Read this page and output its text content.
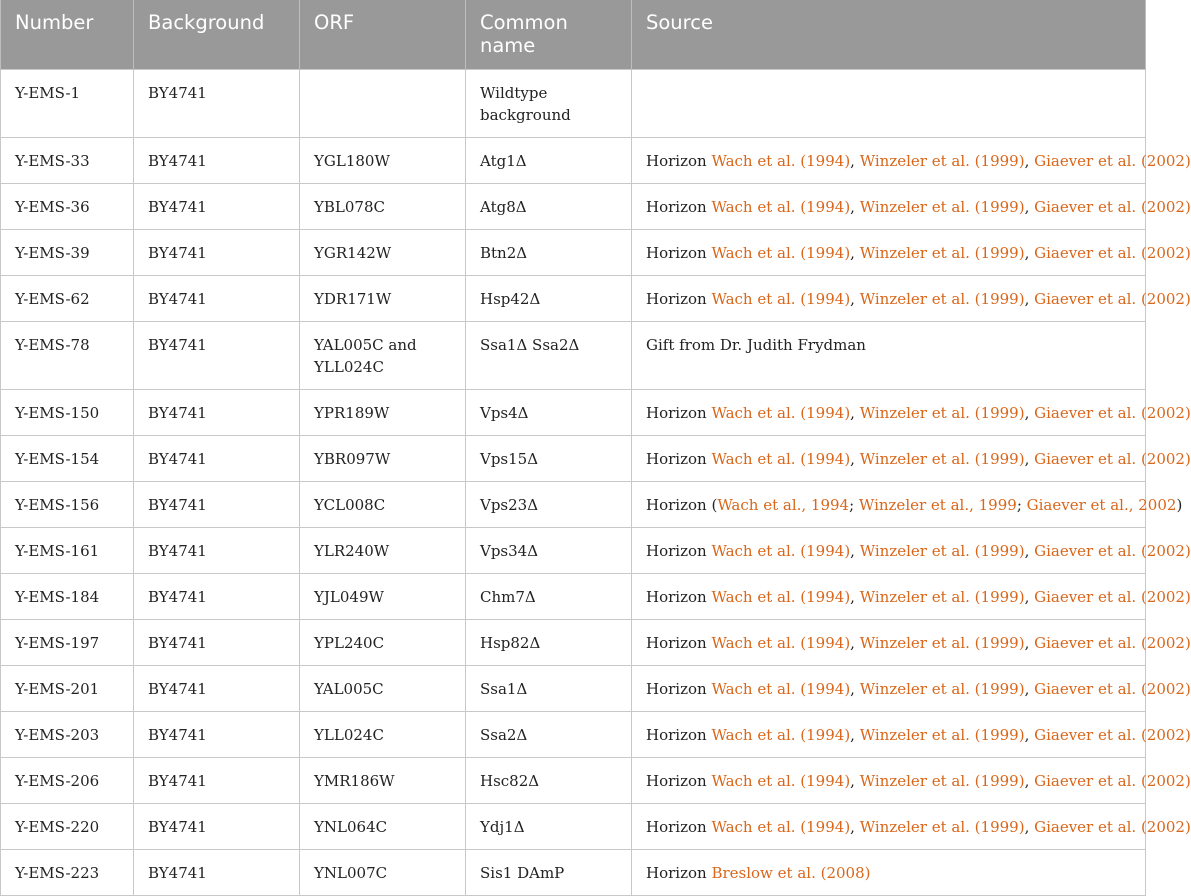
Number	Background	ORF	Common name	Source
Y-EMS-1	BY4741		Wildtype background	
Y-EMS-33	BY4741	YGL180W	Atg1Δ	Horizon Wach et al. (1994), Winzeler et al. (1999), Giaever et al. (2002)
Y-EMS-36	BY4741	YBL078C	Atg8Δ	Horizon Wach et al. (1994), Winzeler et al. (1999), Giaever et al. (2002)
Y-EMS-39	BY4741	YGR142W	Btn2Δ	Horizon Wach et al. (1994), Winzeler et al. (1999), Giaever et al. (2002)
Y-EMS-62	BY4741	YDR171W	Hsp42Δ	Horizon Wach et al. (1994), Winzeler et al. (1999), Giaever et al. (2002)
Y-EMS-78	BY4741	YAL005C and YLL024C	Ssa1Δ Ssa2Δ	Gift from Dr. Judith Frydman
Y-EMS-150	BY4741	YPR189W	Vps4Δ	Horizon Wach et al. (1994), Winzeler et al. (1999), Giaever et al. (2002)
Y-EMS-154	BY4741	YBR097W	Vps15Δ	Horizon Wach et al. (1994), Winzeler et al. (1999), Giaever et al. (2002)
Y-EMS-156	BY4741	YCL008C	Vps23Δ	Horizon (Wach et al., 1994; Winzeler et al., 1999; Giaever et al., 2002)
Y-EMS-161	BY4741	YLR240W	Vps34Δ	Horizon Wach et al. (1994), Winzeler et al. (1999), Giaever et al. (2002)
Y-EMS-184	BY4741	YJL049W	Chm7Δ	Horizon Wach et al. (1994), Winzeler et al. (1999), Giaever et al. (2002)
Y-EMS-197	BY4741	YPL240C	Hsp82Δ	Horizon Wach et al. (1994), Winzeler et al. (1999), Giaever et al. (2002)
Y-EMS-201	BY4741	YAL005C	Ssa1Δ	Horizon Wach et al. (1994), Winzeler et al. (1999), Giaever et al. (2002)
Y-EMS-203	BY4741	YLL024C	Ssa2Δ	Horizon Wach et al. (1994), Winzeler et al. (1999), Giaever et al. (2002)
Y-EMS-206	BY4741	YMR186W	Hsc82Δ	Horizon Wach et al. (1994), Winzeler et al. (1999), Giaever et al. (2002)
Y-EMS-220	BY4741	YNL064C	Ydj1Δ	Horizon Wach et al. (1994), Winzeler et al. (1999), Giaever et al. (2002)
Y-EMS-223	BY4741	YNL007C	Sis1 DAmP	Horizon Breslow et al. (2008)
